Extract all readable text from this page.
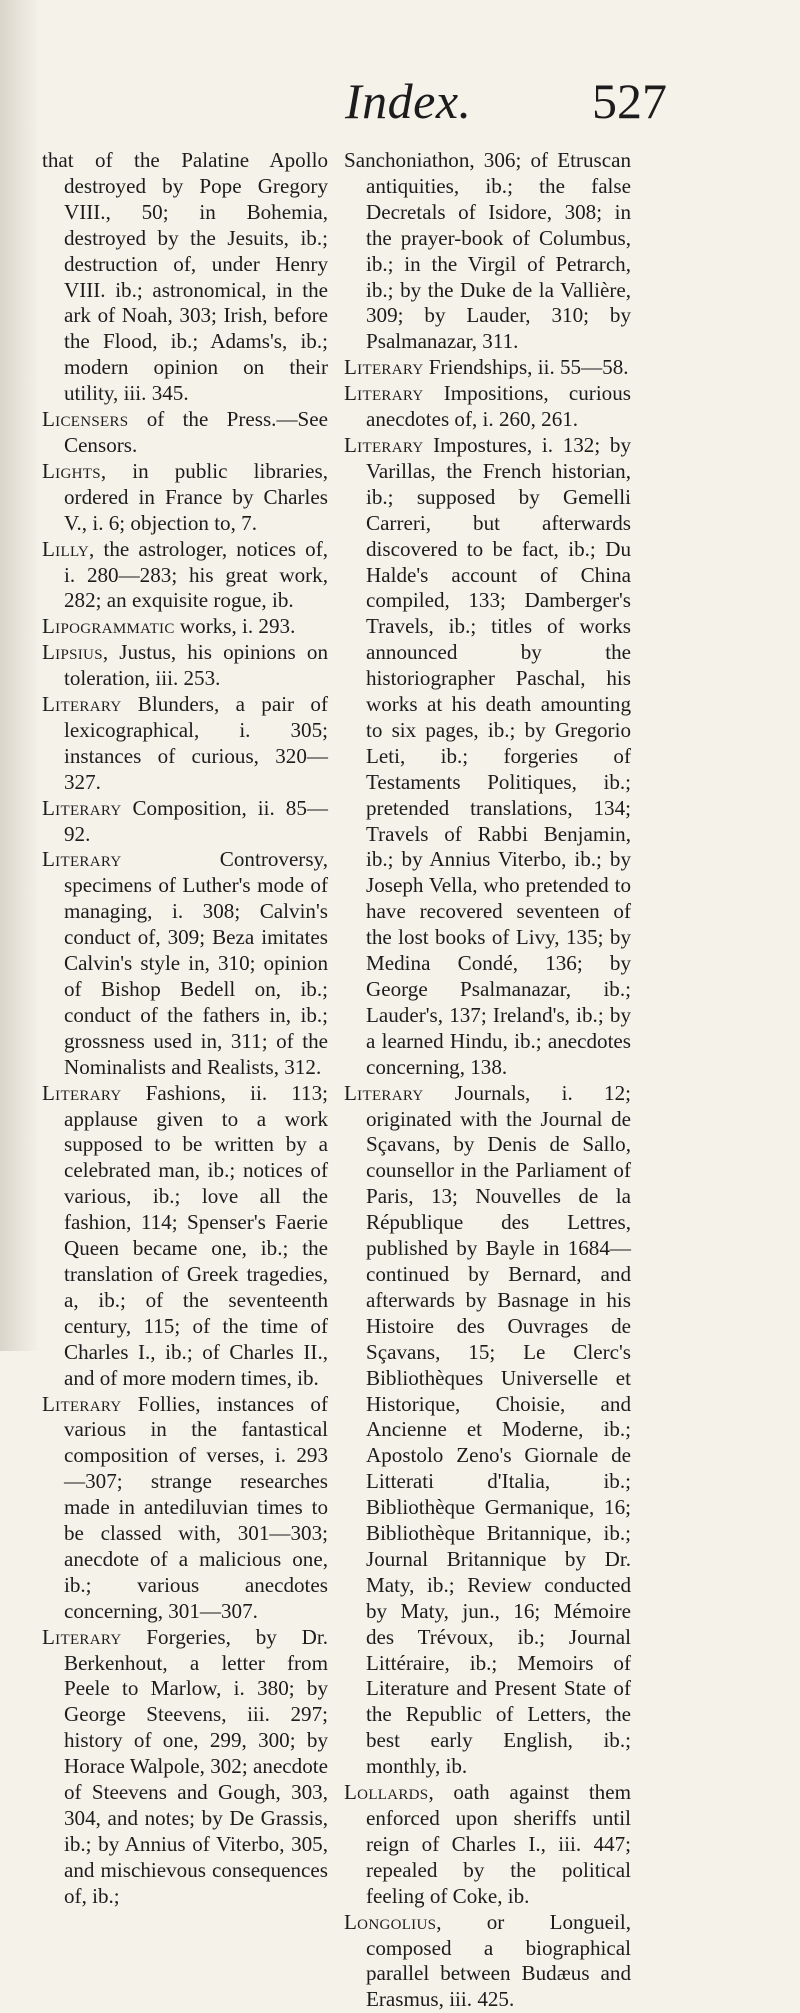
Index. 527

that of the Palatine Apollo destroyed by Pope Gregory VIII., 50; in Bohemia, destroyed by the Jesuits, ib.; destruction of, under Henry VIII. ib.; astronomical, in the ark of Noah, 303; Irish, before the Flood, ib.; Adams's, ib.; modern opinion on their utility, iii. 345.

Licensers of the Press.—See Censors.

Lights, in public libraries, ordered in France by Charles V., i. 6; objection to, 7.

Lilly, the astrologer, notices of, i. 280—283; his great work, 282; an exquisite rogue, ib.

Lipogrammatic works, i. 293.

Lipsius, Justus, his opinions on toleration, iii. 253.

Literary Blunders, a pair of lexicographical, i. 305; instances of curious, 320—327.

Literary Composition, ii. 85—92.

Literary Controversy, specimens of Luther's mode of managing, i. 308; Calvin's conduct of, 309; Beza imitates Calvin's style in, 310; opinion of Bishop Bedell on, ib.; conduct of the fathers in, ib.; grossness used in, 311; of the Nominalists and Realists, 312.

Literary Fashions, ii. 113; applause given to a work supposed to be written by a celebrated man, ib.; notices of various, ib.; love all the fashion, 114; Spenser's Faerie Queen became one, ib.; the translation of Greek tragedies, a, ib.; of the seventeenth century, 115; of the time of Charles I., ib.; of Charles II., and of more modern times, ib.

Literary Follies, instances of various in the fantastical composition of verses, i. 293—307; strange researches made in antediluvian times to be classed with, 301—303; anecdote of a malicious one, ib.; various anecdotes concerning, 301—307.

Literary Forgeries, by Dr. Berkenhout, a letter from Peele to Marlow, i. 380; by George Steevens, iii. 297; history of one, 299, 300; by Horace Walpole, 302; anecdote of Steevens and Gough, 303, 304, and notes; by De Grassis, ib.; by Annius of Viterbo, 305, and mischievous consequences of, ib.;

Sanchoniathon, 306; of Etruscan antiquities, ib.; the false Decretals of Isidore, 308; in the prayer-book of Columbus, ib.; in the Virgil of Petrarch, ib.; by the Duke de la Vallière, 309; by Lauder, 310; by Psalmanazar, 311.

Literary Friendships, ii. 55—58.

Literary Impositions, curious anecdotes of, i. 260, 261.

Literary Impostures, i. 132; by Varillas, the French historian, ib.; supposed by Gemelli Carreri, but afterwards discovered to be fact, ib.; Du Halde's account of China compiled, 133; Damberger's Travels, ib.; titles of works announced by the historiographer Paschal, his works at his death amounting to six pages, ib.; by Gregorio Leti, ib.; forgeries of Testaments Politiques, ib.; pretended translations, 134; Travels of Rabbi Benjamin, ib.; by Annius Viterbo, ib.; by Joseph Vella, who pretended to have recovered seventeen of the lost books of Livy, 135; by Medina Condé, 136; by George Psalmanazar, ib.; Lauder's, 137; Ireland's, ib.; by a learned Hindu, ib.; anecdotes concerning, 138.

Literary Journals, i. 12; originated with the Journal de Sçavans, by Denis de Sallo, counsellor in the Parliament of Paris, 13; Nouvelles de la République des Lettres, published by Bayle in 1684—continued by Bernard, and afterwards by Basnage in his Histoire des Ouvrages de Sçavans, 15; Le Clerc's Bibliothèques Universelle et Historique, Choisie, and Ancienne et Moderne, ib.; Apostolo Zeno's Giornale de Litterati d'Italia, ib.; Bibliothèque Germanique, 16; Bibliothèque Britannique, ib.; Journal Britannique by Dr. Maty, ib.; Review conducted by Maty, jun., 16; Mémoire des Trévoux, ib.; Journal Littéraire, ib.; Memoirs of Literature and Present State of the Republic of Letters, the best early English, ib.; monthly, ib.

Lollards, oath against them enforced upon sheriffs until reign of Charles I., iii. 447; repealed by the political feeling of Coke, ib.

Longolius, or Longueil, composed a biographical parallel between Budæus and Erasmus, iii. 425.
